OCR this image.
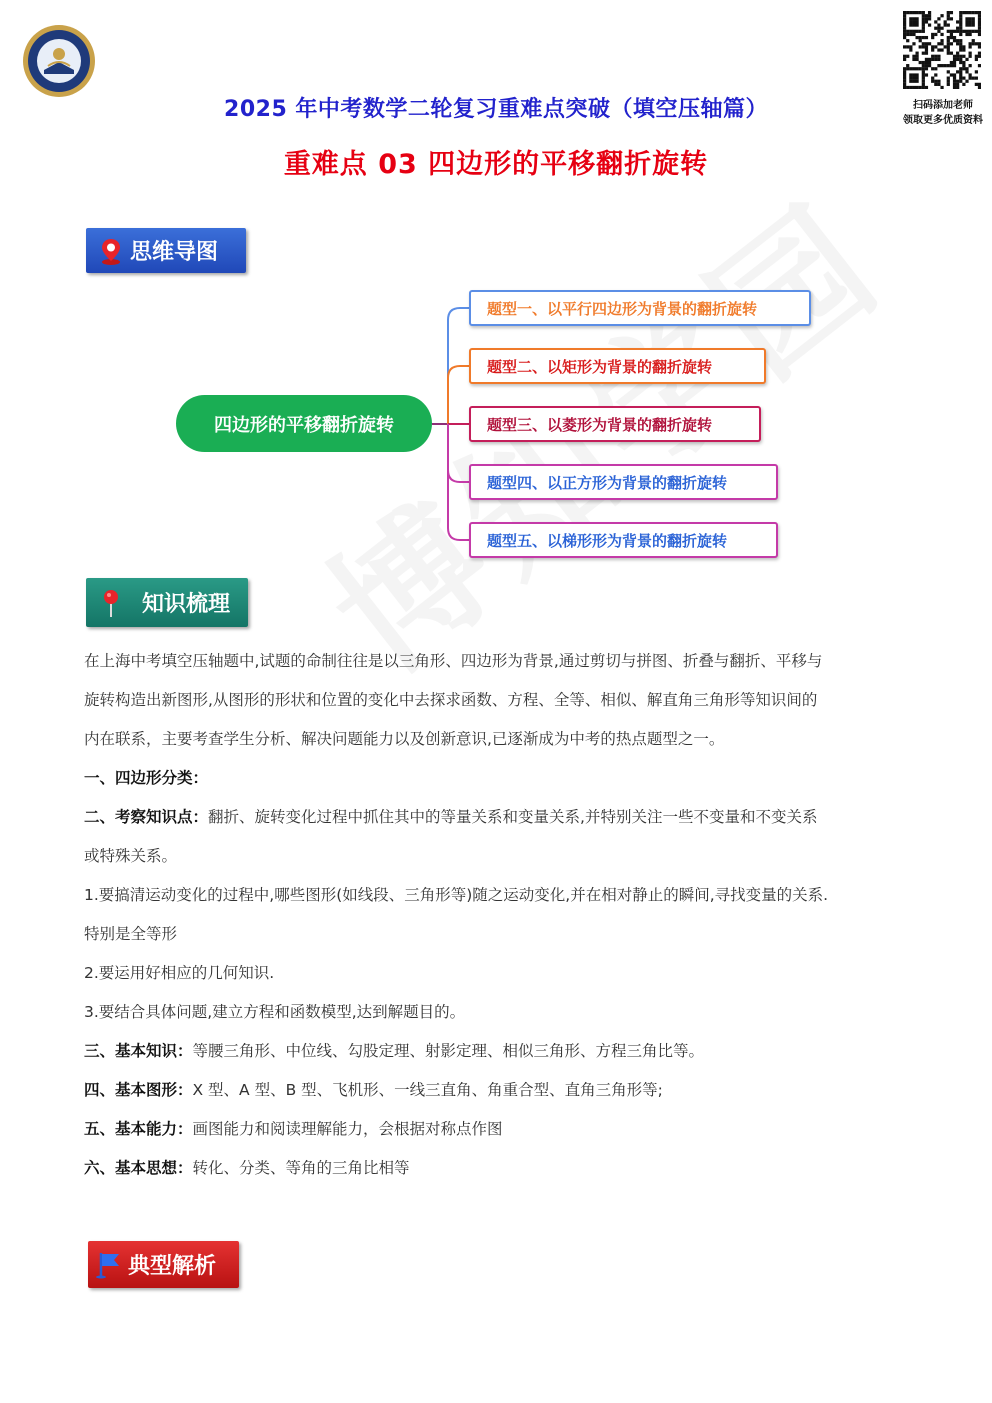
扫码添加老师
领取更多优质资料
2025 年中考数学二轮复习重难点突破（填空压轴篇）
重难点 03 四边形的平移翻折旋转
思维导图
四边形的平移翻折旋转
题型一、以平行四边形为背景的翻折旋转
题型二、以矩形为背景的翻折旋转
题型三、以菱形为背景的翻折旋转
题型四、以正方形为背景的翻折旋转
题型五、以梯形形为背景的翻折旋转
知识梳理
在上海中考填空压轴题中,试题的命制往往是以三角形、四边形为背景,通过剪切与拼图、折叠与翻折、平移与
旋转构造出新图形,从图形的形状和位置的变化中去探求函数、方程、全等、相似、解直角三角形等知识间的
内在联系，主要考查学生分析、解决问题能力以及创新意识,已逐渐成为中考的热点题型之一。
一、四边形分类：
二、考察知识点：翻折、旋转变化过程中抓住其中的等量关系和变量关系,并特别关注一些不变量和不变关系
或特殊关系。
1.要搞清运动变化的过程中,哪些图形(如线段、三角形等)随之运动变化,并在相对静止的瞬间,寻找变量的关系.
特别是全等形
2.要运用好相应的几何知识.
3.要结合具体问题,建立方程和函数模型,达到解题目的。
三、基本知识：等腰三角形、中位线、勾股定理、射影定理、相似三角形、方程三角比等。
四、基本图形：X 型、A 型、B 型、飞机形、一线三直角、角重合型、直角三角形等;
五、基本能力：画图能力和阅读理解能力，会根据对称点作图
六、基本思想：转化、分类、等角的三角比相等
典型解析
